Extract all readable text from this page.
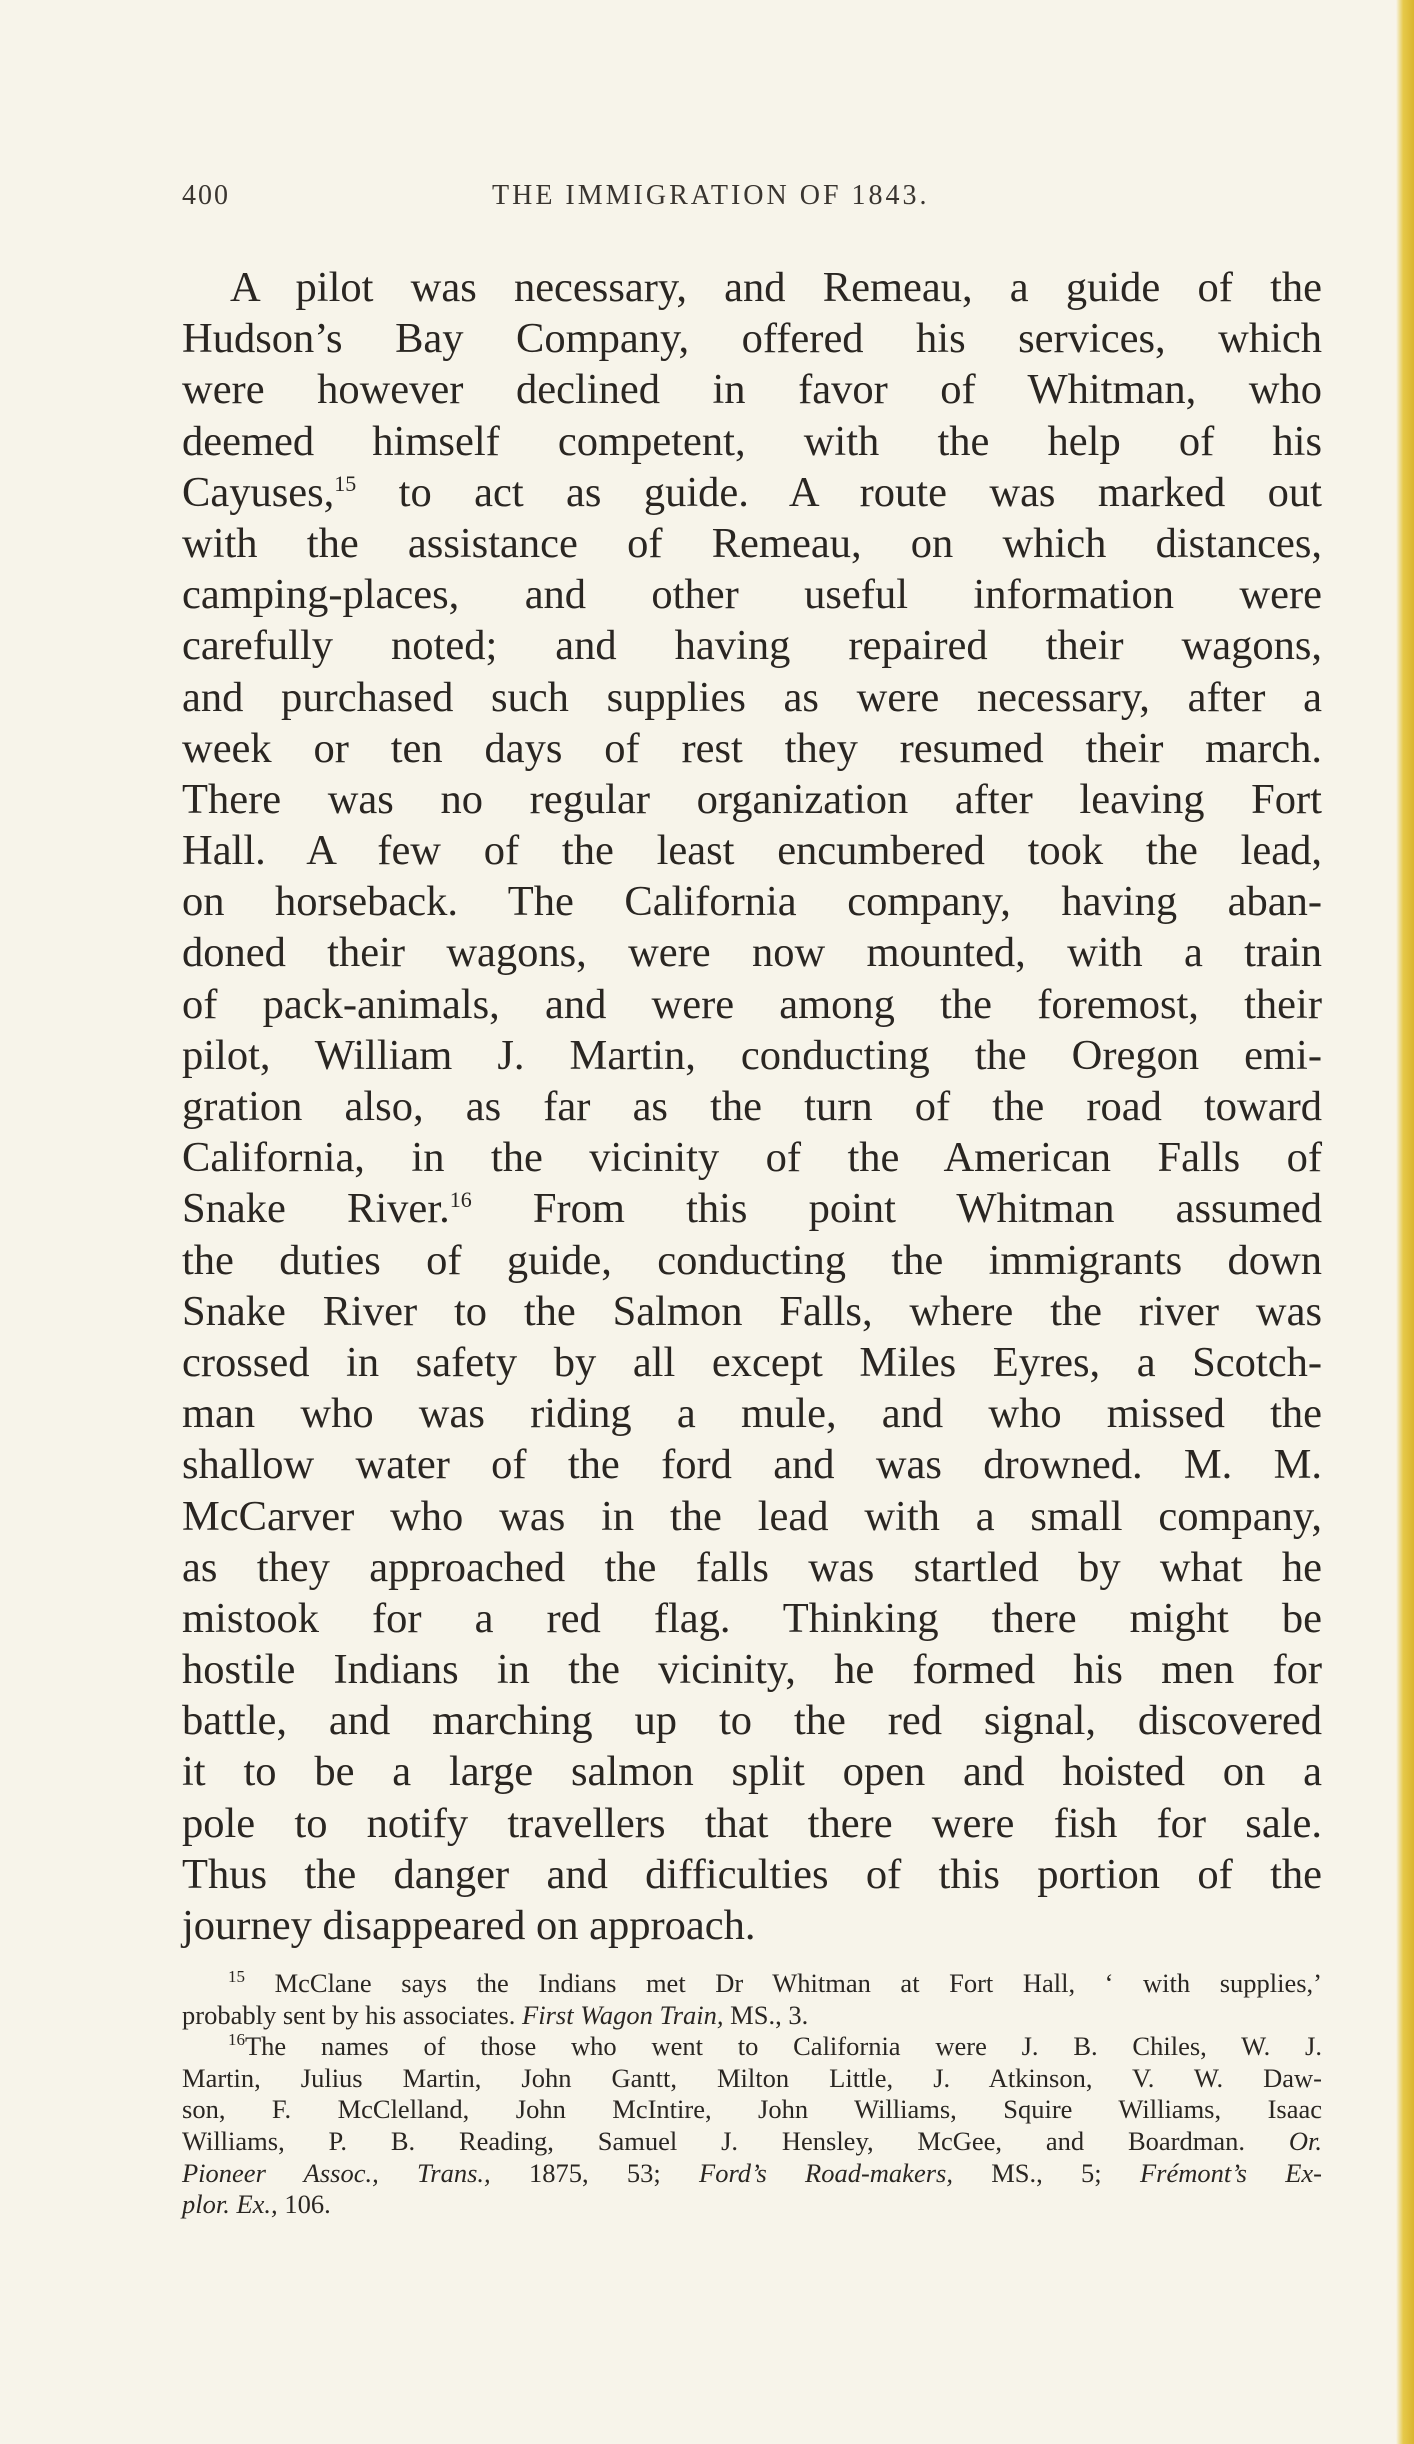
400	THE IMMIGRATION OF 1843.
A pilot was necessary, and Remeau, a guide of the
Hudson’s Bay Company, offered his services, which
were however declined in favor of Whitman, who
deemed himself competent, with the help of his
Cayuses,$^{15}$ to act as guide. A route was marked out
with the assistance of Remeau, on which distances,
camping-places, and other useful information were
carefully noted; and having repaired their wagons,
and purchased such supplies as were necessary, after a
week or ten days of rest they resumed their march.
There was no regular organization after leaving Fort
Hall. A few of the least encumbered took the lead,
on horseback. The California company, having aban-
doned their wagons, were now mounted, with a train
of pack-animals, and were among the foremost, their
pilot, William J. Martin, conducting the Oregon emi-
gration also, as far as the turn of the road toward
California, in the vicinity of the American Falls of
Snake River.$^{16}$ From this point Whitman assumed
the duties of guide, conducting the immigrants down
Snake River to the Salmon Falls, where the river was
crossed in safety by all except Miles Eyres, a Scotch-
man who was riding a mule, and who missed the
shallow water of the ford and was drowned. M. M.
McCarver who was in the lead with a small company,
as they approached the falls was startled by what he
mistook for a red flag. Thinking there might be
hostile Indians in the vicinity, he formed his men for
battle, and marching up to the red signal, discovered
it to be a large salmon split open and hoisted on a
pole to notify travellers that there were fish for sale.
Thus the danger and difficulties of this portion of the
journey disappeared on approach.
$^{15}$ McClane says the Indians met Dr Whitman at Fort Hall, ‘ with supplies,’
probably sent by his associates. First Wagon Train, MS., 3.
$^{16}$The names of those who went to California were J. B. Chiles, W. J.
Martin, Julius Martin, John Gantt, Milton Little, J. Atkinson, V. W. Daw-
son, F. McClelland, John McIntire, John Williams, Squire Williams, Isaac
Williams, P. B. Reading, Samuel J. Hensley, McGee, and Boardman. Or.
Pioneer Assoc., Trans., 1875, 53; Ford’s Road-makers, MS., 5; Frémont’s Ex-
plor. Ex., 106.
